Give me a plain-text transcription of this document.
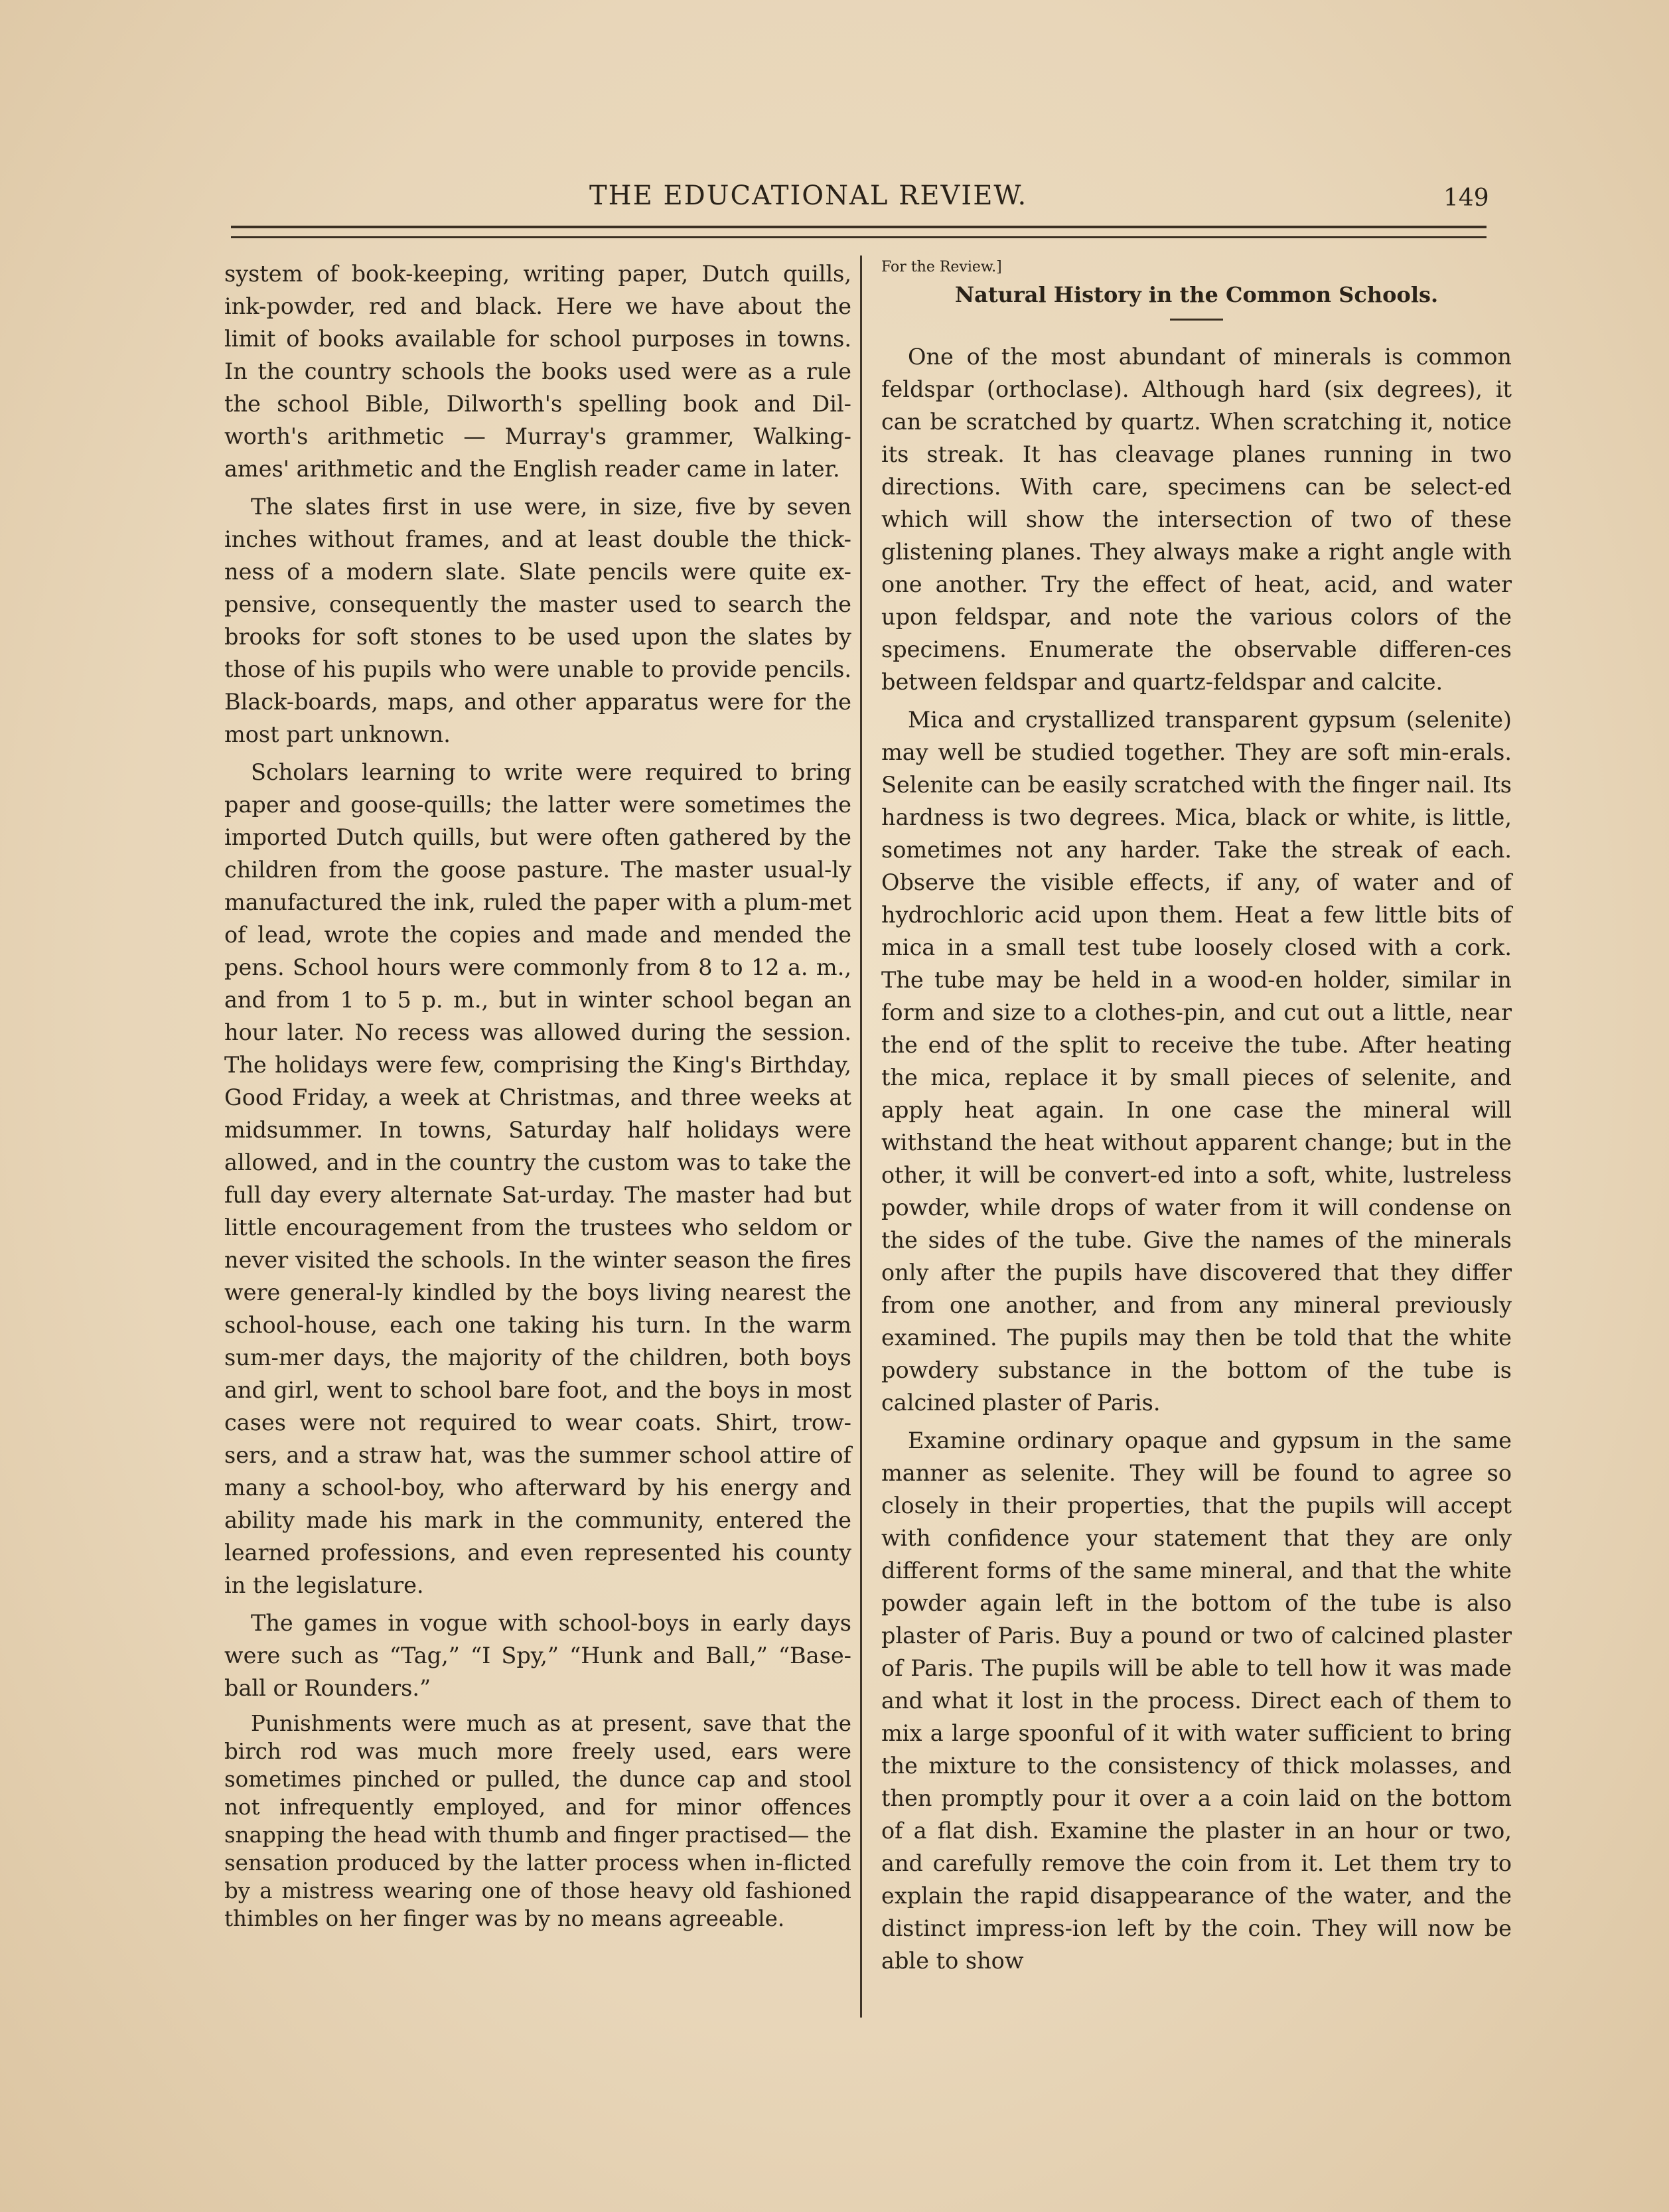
THE EDUCATIONAL REVIEW.	149

system of book-keeping, writing paper, Dutch quills, ink-powder, red and black. Here we have about the limit of books available for school purposes in towns. In the country schools the books used were as a rule the school Bible, Dilworth's spelling book and Dil-worth's arithmetic — Murray's grammer, Walking-ames' arithmetic and the English reader came in later.

The slates first in use were, in size, five by seven inches without frames, and at least double the thick-ness of a modern slate. Slate pencils were quite ex-pensive, consequently the master used to search the brooks for soft stones to be used upon the slates by those of his pupils who were unable to provide pencils. Black-boards, maps, and other apparatus were for the most part unknown.

Scholars learning to write were required to bring paper and goose-quills; the latter were sometimes the imported Dutch quills, but were often gathered by the children from the goose pasture. The master usual-ly manufactured the ink, ruled the paper with a plum-met of lead, wrote the copies and made and mended the pens. School hours were commonly from 8 to 12 a. m., and from 1 to 5 p. m., but in winter school began an hour later. No recess was allowed during the session. The holidays were few, comprising the King's Birthday, Good Friday, a week at Christmas, and three weeks at midsummer. In towns, Saturday half holidays were allowed, and in the country the custom was to take the full day every alternate Sat-urday. The master had but little encouragement from the trustees who seldom or never visited the schools. In the winter season the fires were general-ly kindled by the boys living nearest the school-house, each one taking his turn. In the warm sum-mer days, the majority of the children, both boys and girl, went to school bare foot, and the boys in most cases were not required to wear coats. Shirt, trow-sers, and a straw hat, was the summer school attire of many a school-boy, who afterward by his energy and ability made his mark in the community, entered the learned professions, and even represented his county in the legislature.

The games in vogue with school-boys in early days were such as “Tag,” “I Spy,” “Hunk and Ball,” “Base-ball or Rounders.”

Punishments were much as at present, save that the birch rod was much more freely used, ears were sometimes pinched or pulled, the dunce cap and stool not infrequently employed, and for minor offences snapping the head with thumb and finger practised— the sensation produced by the latter process when in-flicted by a mistress wearing one of those heavy old fashioned thimbles on her finger was by no means agreeable.

For the Review.]
Natural History in the Common Schools.

One of the most abundant of minerals is common feldspar (orthoclase). Although hard (six degrees), it can be scratched by quartz. When scratching it, notice its streak. It has cleavage planes running in two directions. With care, specimens can be select-ed which will show the intersection of two of these glistening planes. They always make a right angle with one another. Try the effect of heat, acid, and water upon feldspar, and note the various colors of the specimens. Enumerate the observable differen-ces between feldspar and quartz-feldspar and calcite.

Mica and crystallized transparent gypsum (selenite) may well be studied together. They are soft min-erals. Selenite can be easily scratched with the finger nail. Its hardness is two degrees. Mica, black or white, is little, sometimes not any harder. Take the streak of each. Observe the visible effects, if any, of water and of hydrochloric acid upon them. Heat a few little bits of mica in a small test tube loosely closed with a cork. The tube may be held in a wood-en holder, similar in form and size to a clothes-pin, and cut out a little, near the end of the split to receive the tube. After heating the mica, replace it by small pieces of selenite, and apply heat again. In one case the mineral will withstand the heat without apparent change; but in the other, it will be convert-ed into a soft, white, lustreless powder, while drops of water from it will condense on the sides of the tube. Give the names of the minerals only after the pupils have discovered that they differ from one another, and from any mineral previously examined. The pupils may then be told that the white powdery substance in the bottom of the tube is calcined plaster of Paris.

Examine ordinary opaque and gypsum in the same manner as selenite. They will be found to agree so closely in their properties, that the pupils will accept with confidence your statement that they are only different forms of the same mineral, and that the white powder again left in the bottom of the tube is also plaster of Paris. Buy a pound or two of calcined plaster of Paris. The pupils will be able to tell how it was made and what it lost in the process. Direct each of them to mix a large spoonful of it with water sufficient to bring the mixture to the consistency of thick molasses, and then promptly pour it over a a coin laid on the bottom of a flat dish. Examine the plaster in an hour or two, and carefully remove the coin from it. Let them try to explain the rapid disappearance of the water, and the distinct impress-ion left by the coin. They will now be able to show
